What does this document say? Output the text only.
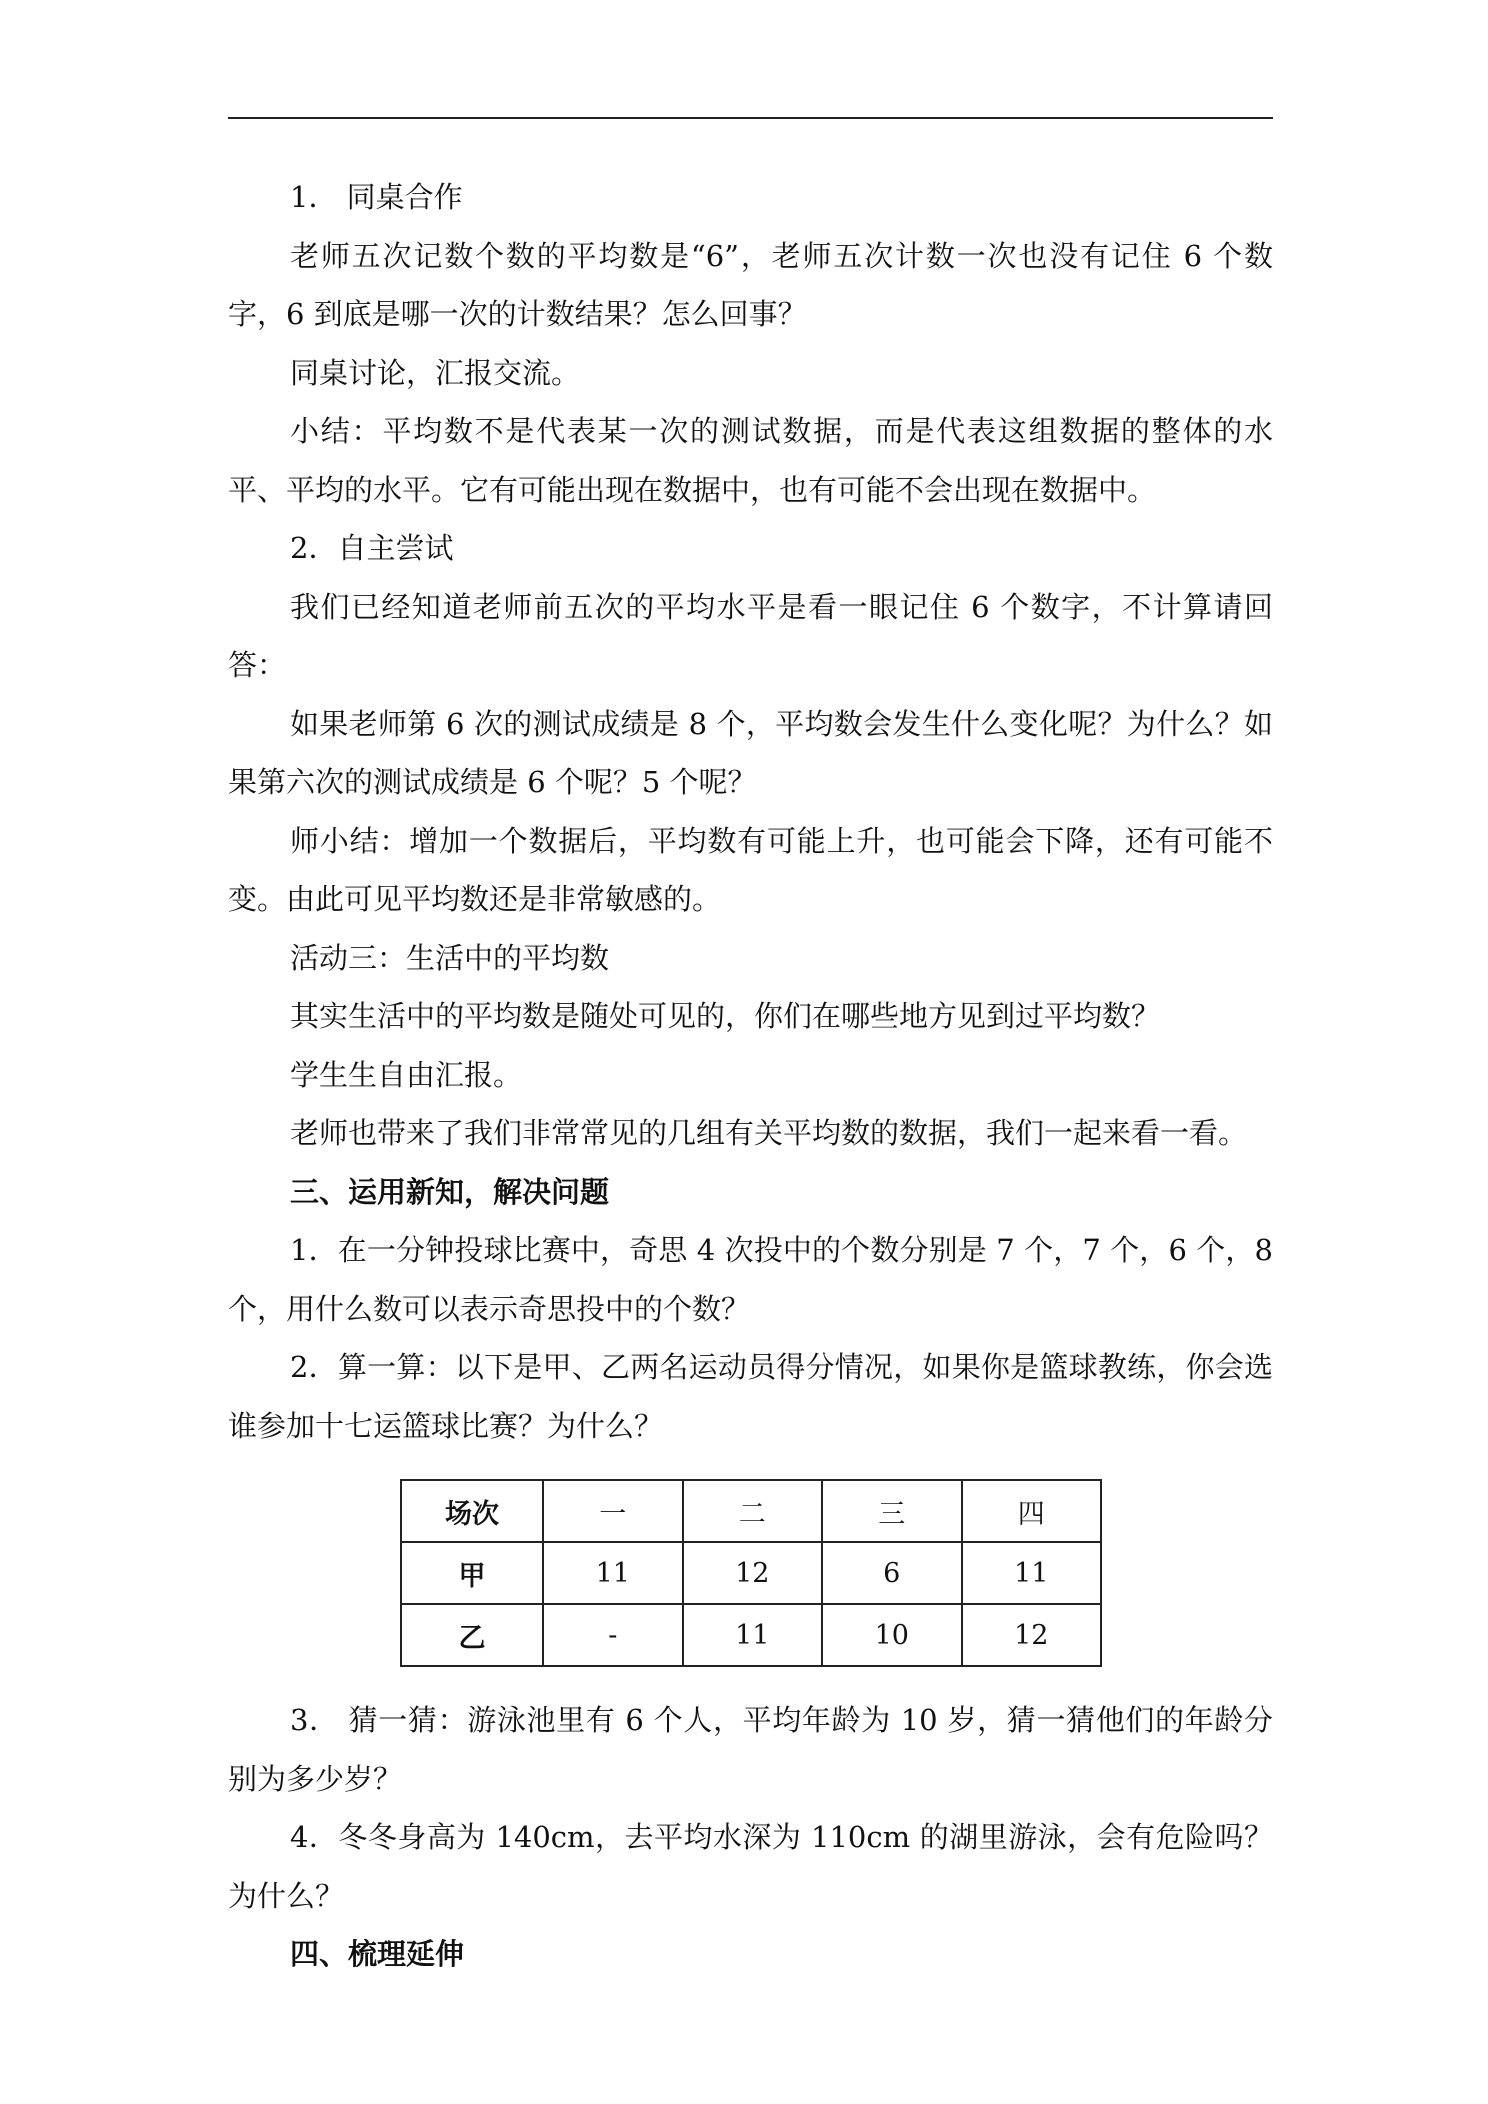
1． 同桌合作

老师五次记数个数的平均数是“6”，老师五次计数一次也没有记住 6 个数字，6 到底是哪一次的计数结果？怎么回事？

同桌讨论，汇报交流。

小结：平均数不是代表某一次的测试数据，而是代表这组数据的整体的水平、平均的水平。它有可能出现在数据中，也有可能不会出现在数据中。

2．自主尝试

我们已经知道老师前五次的平均水平是看一眼记住 6 个数字，不计算请回答：

如果老师第 6 次的测试成绩是 8 个，平均数会发生什么变化呢？为什么？如果第六次的测试成绩是 6 个呢？5 个呢？

师小结：增加一个数据后，平均数有可能上升，也可能会下降，还有可能不变。由此可见平均数还是非常敏感的。

活动三：生活中的平均数

其实生活中的平均数是随处可见的，你们在哪些地方见到过平均数？

学生生自由汇报。

老师也带来了我们非常常见的几组有关平均数的数据，我们一起来看一看。

三、运用新知，解决问题

1．在一分钟投球比赛中，奇思 4 次投中的个数分别是 7 个，7 个，6 个，8 个，用什么数可以表示奇思投中的个数？

2．算一算：以下是甲、乙两名运动员得分情况，如果你是篮球教练，你会选谁参加十七运篮球比赛？为什么？

场次	一	二	三	四
甲	11	12	6	11
乙	-	11	10	12

3． 猜一猜：游泳池里有 6 个人，平均年龄为 10 岁，猜一猜他们的年龄分别为多少岁？

4．冬冬身高为 140cm，去平均水深为 110cm 的湖里游泳，会有危险吗？为什么？

四、梳理延伸
